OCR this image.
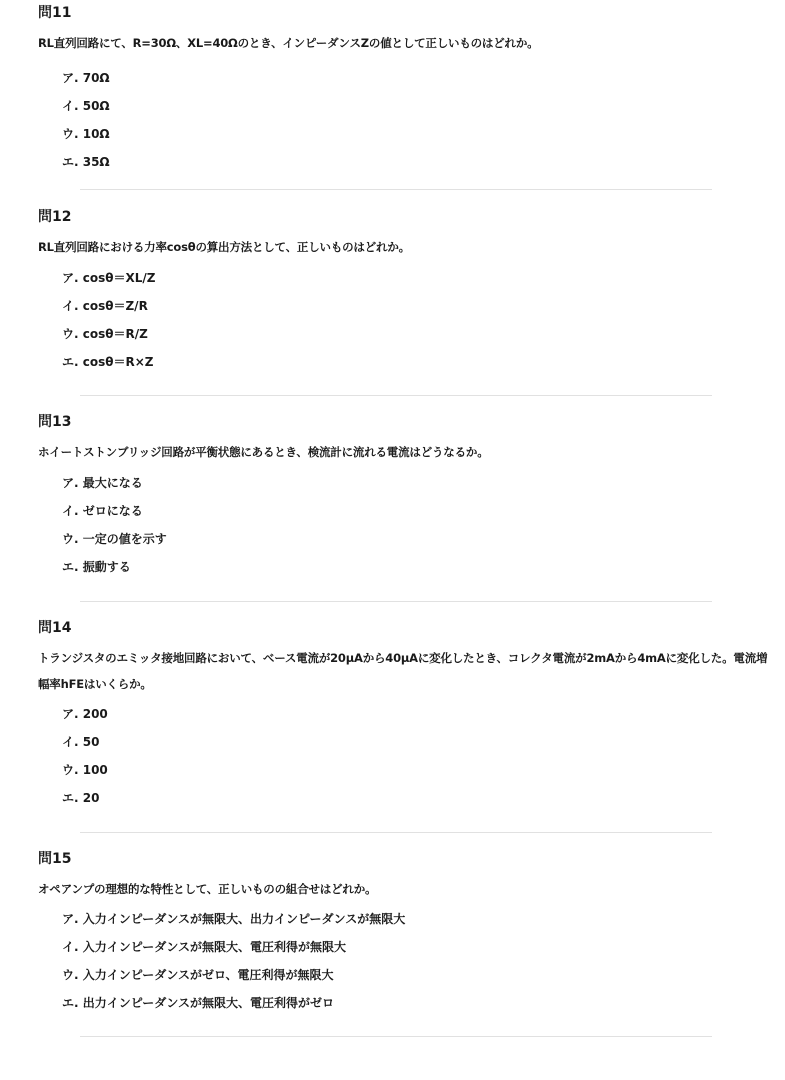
問11
RL直列回路にて、R=30Ω、XL=40Ωのとき、インピーダンスZの値として正しいものはどれか。
ア. 70Ω
イ. 50Ω
ウ. 10Ω
エ. 35Ω
問12
RL直列回路における力率cosθの算出方法として、正しいものはどれか。
ア. cosθ＝XL/Z
イ. cosθ＝Z/R
ウ. cosθ＝R/Z
エ. cosθ＝R×Z
問13
ホイートストンブリッジ回路が平衡状態にあるとき、検流計に流れる電流はどうなるか。
ア. 最大になる
イ. ゼロになる
ウ. 一定の値を示す
エ. 振動する
問14
トランジスタのエミッタ接地回路において、ベース電流が20μAから40μAに変化したとき、コレクタ電流が2mAから4mAに変化した。電流増幅率hFEはいくらか。
ア. 200
イ. 50
ウ. 100
エ. 20
問15
オペアンプの理想的な特性として、正しいものの組合せはどれか。
ア. 入力インピーダンスが無限大、出力インピーダンスが無限大
イ. 入力インピーダンスが無限大、電圧利得が無限大
ウ. 入力インピーダンスがゼロ、電圧利得が無限大
エ. 出力インピーダンスが無限大、電圧利得がゼロ
